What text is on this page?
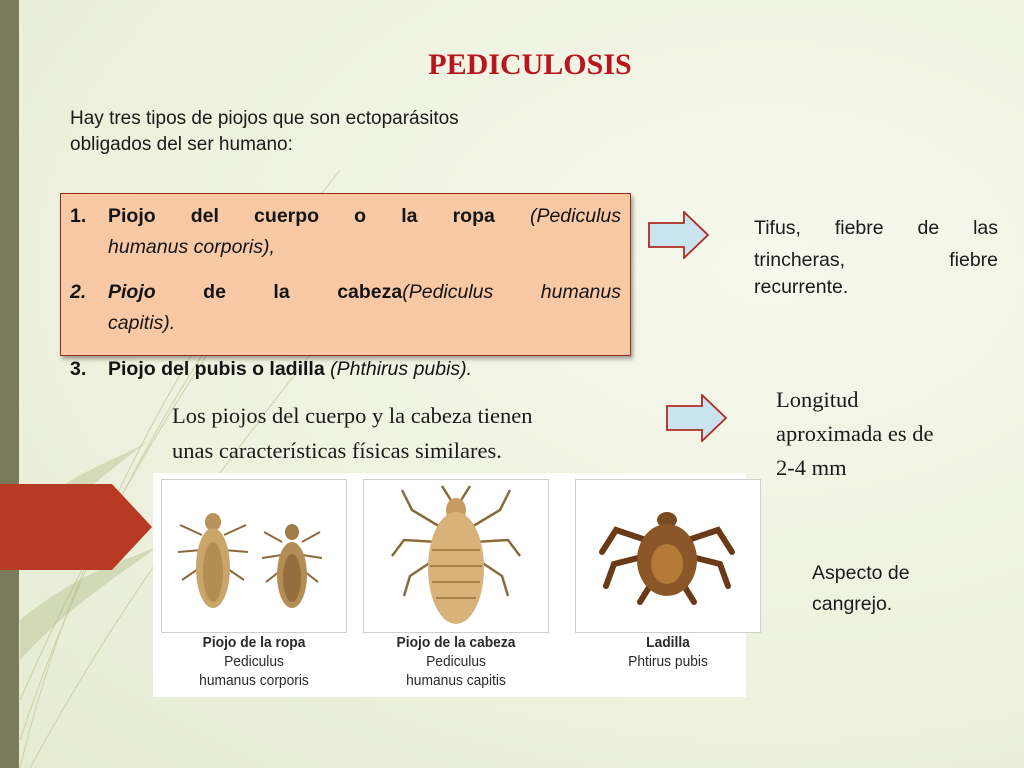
PEDICULOSIS
Hay tres tipos de piojos que son ectoparásitos
obligados del ser humano:
1. Piojo del cuerpo o la ropa (Pediculus
humanus corporis),
2. Piojo de la cabeza(Pediculus humanus
capitis).
3. Piojo del pubis o ladilla (Phthirus pubis).
Los piojos del cuerpo y la cabeza tienen
unas características físicas similares.
Tifus, fiebre de las
trincheras, fiebre
recurrente.
Longitud
aproximada es de
2-4 mm
Aspecto de
cangrejo.
Piojo de la ropa
Pediculus
humanus corporis
Piojo de la cabeza
Pediculus
humanus capitis
Ladilla
Phtirus pubis
